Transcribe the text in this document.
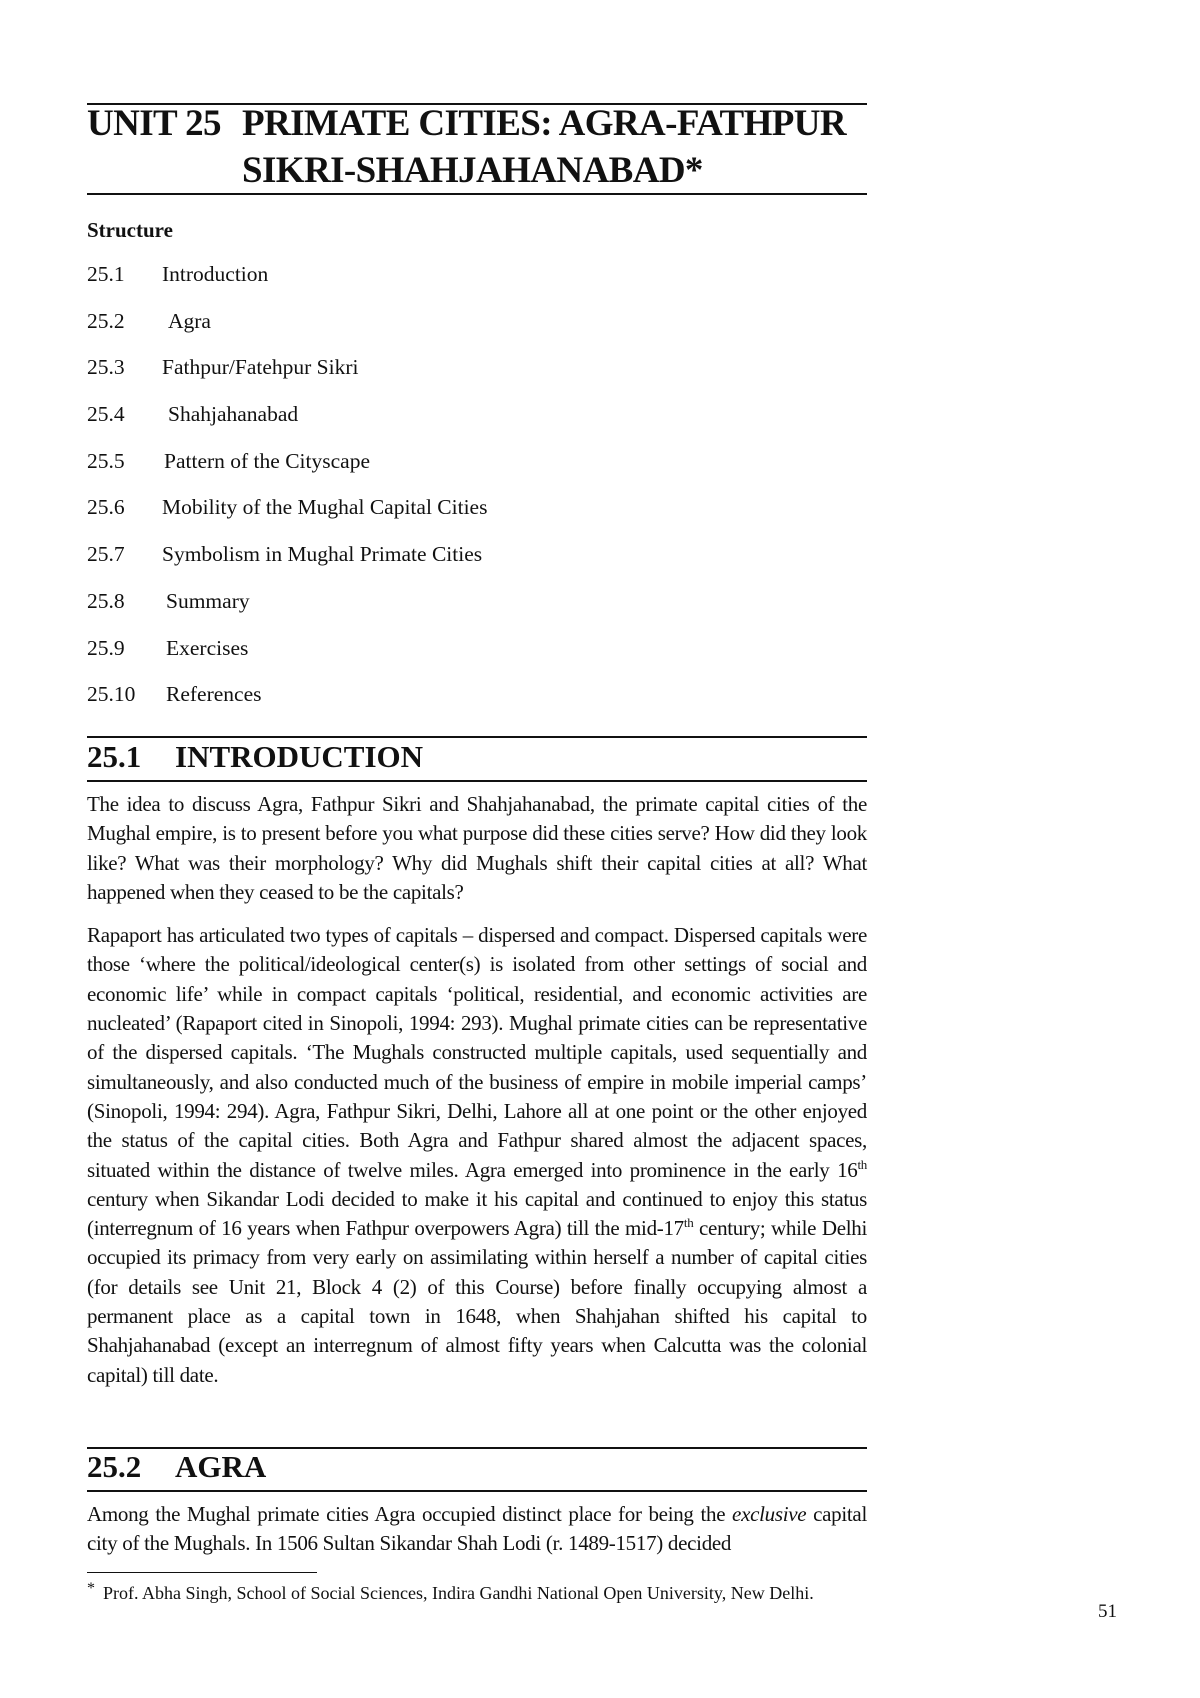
UNIT 25 PRIMATE CITIES: AGRA-FATHPUR
SIKRI-SHAHJAHANABAD*
Structure
25.1 Introduction
25.2 Agra
25.3 Fathpur/Fatehpur Sikri
25.4 Shahjahanabad
25.5 Pattern of the Cityscape
25.6 Mobility of the Mughal Capital Cities
25.7 Symbolism in Mughal Primate Cities
25.8 Summary
25.9 Exercises
25.10 References
25.1 INTRODUCTION

The idea to discuss Agra, Fathpur Sikri and Shahjahanabad, the primate capital cities of the Mughal empire, is to present before you what purpose did these cities serve? How did they look like? What was their morphology? Why did Mughals shift their capital cities at all? What happened when they ceased to be the capitals?

Rapaport has articulated two types of capitals – dispersed and compact. Dispersed capitals were those ‘where the political/ideological center(s) is isolated from other settings of social and economic life’ while in compact capitals ‘political, residential, and economic activities are nucleated’ (Rapaport cited in Sinopoli, 1994: 293). Mughal primate cities can be representative of the dispersed capitals. ‘The Mughals constructed multiple capitals, used sequentially and simultaneously, and also conducted much of the business of empire in mobile imperial camps’ (Sinopoli, 1994: 294). Agra, Fathpur Sikri, Delhi, Lahore all at one point or the other enjoyed the status of the capital cities. Both Agra and Fathpur shared almost the adjacent spaces, situated within the distance of twelve miles. Agra emerged into prominence in the early 16th century when Sikandar Lodi decided to make it his capital and continued to enjoy this status (interregnum of 16 years when Fathpur overpowers Agra) till the mid-17th century; while Delhi occupied its primacy from very early on assimilating within herself a number of capital cities (for details see Unit 21, Block 4 (2) of this Course) before finally occupying almost a permanent place as a capital town in 1648, when Shahjahan shifted his capital to Shahjahanabad (except an interregnum of almost fifty years when Calcutta was the colonial capital) till date.

25.2 AGRA

Among the Mughal primate cities Agra occupied distinct place for being the exclusive capital city of the Mughals. In 1506 Sultan Sikandar Shah Lodi (r. 1489-1517) decided

* Prof. Abha Singh, School of Social Sciences, Indira Gandhi National Open University, New Delhi.
51
